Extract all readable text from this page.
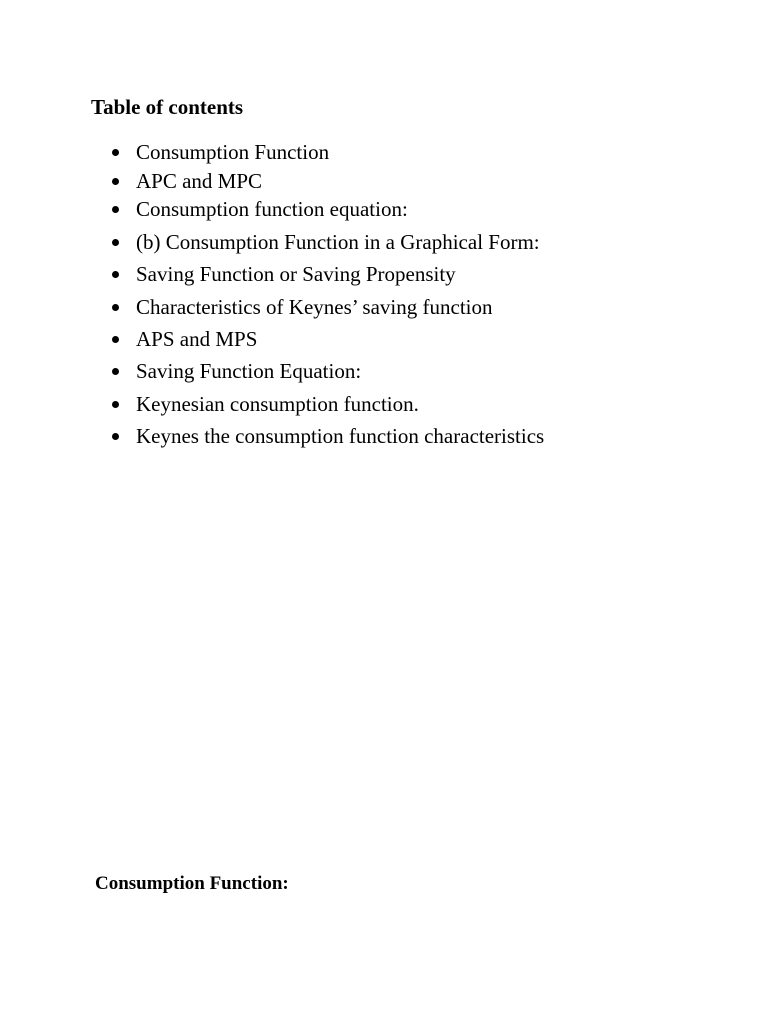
Table of contents
Consumption Function
APC and MPC
Consumption function equation:
(b) Consumption Function in a Graphical Form:
Saving Function or Saving Propensity
Characteristics of Keynes’ saving function
APS and MPS
Saving Function Equation:
Keynesian consumption function.
Keynes the consumption function characteristics
Consumption Function:
